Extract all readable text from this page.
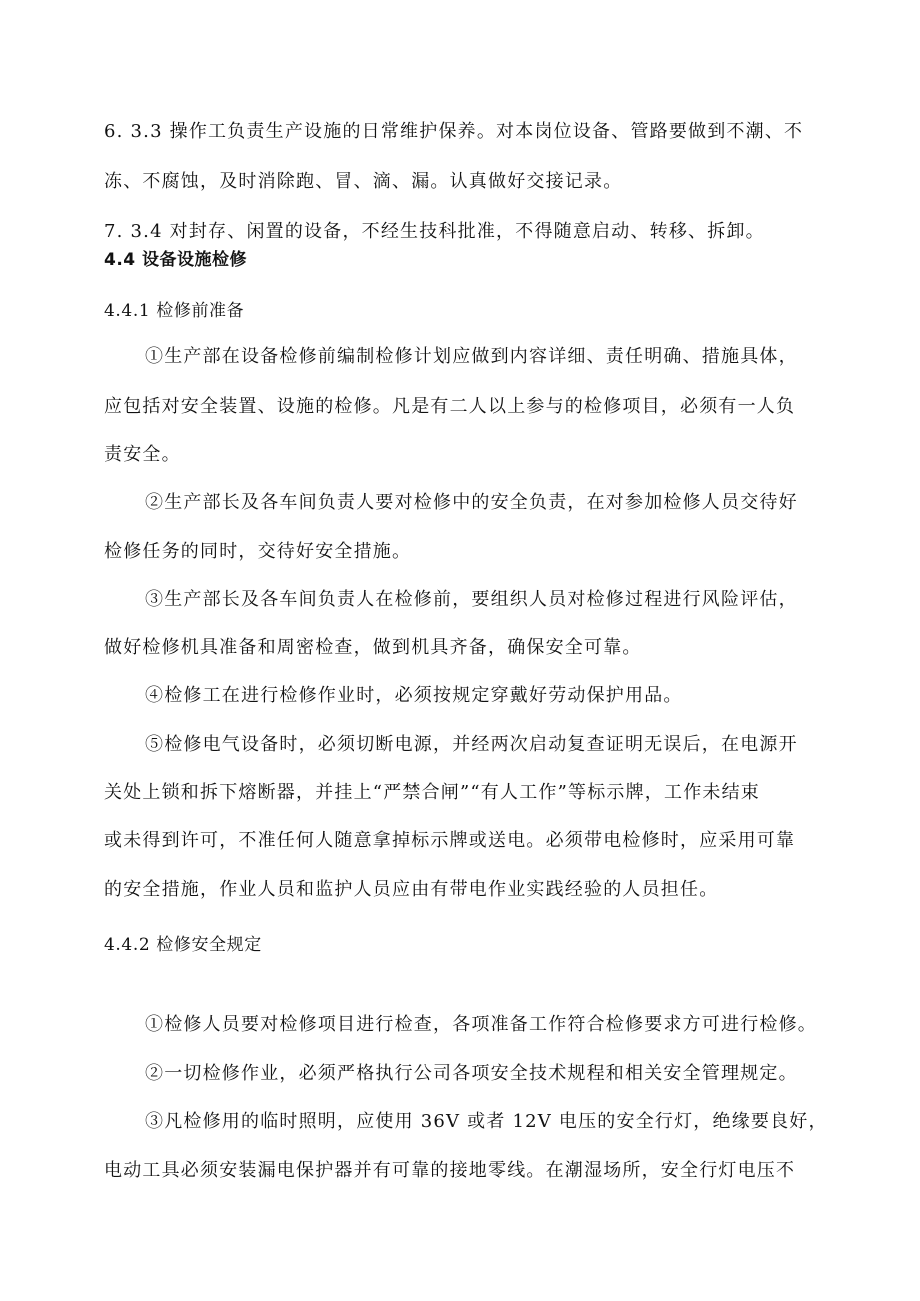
6. 3.3 操作工负责生产设施的日常维护保养。对本岗位设备、管路要做到不潮、不
冻、不腐蚀，及时消除跑、冒、滴、漏。认真做好交接记录。
7. 3.4 对封存、闲置的设备，不经生技科批准，不得随意启动、转移、拆卸。
4.4 设备设施检修
4.4.1 检修前准备
①生产部在设备检修前编制检修计划应做到内容详细、责任明确、措施具体，
应包括对安全装置、设施的检修。凡是有二人以上参与的检修项目，必须有一人负
责安全。
②生产部长及各车间负责人要对检修中的安全负责，在对参加检修人员交待好
检修任务的同时，交待好安全措施。
③生产部长及各车间负责人在检修前，要组织人员对检修过程进行风险评估，
做好检修机具准备和周密检查，做到机具齐备，确保安全可靠。
④检修工在进行检修作业时，必须按规定穿戴好劳动保护用品。
⑤检修电气设备时，必须切断电源，并经两次启动复查证明无误后，在电源开
关处上锁和拆下熔断器，并挂上“严禁合闸”“有人工作”等标示牌，工作未结束
或未得到许可，不准任何人随意拿掉标示牌或送电。必须带电检修时，应采用可靠
的安全措施，作业人员和监护人员应由有带电作业实践经验的人员担任。
4.4.2 检修安全规定
①检修人员要对检修项目进行检查，各项准备工作符合检修要求方可进行检修。
②一切检修作业，必须严格执行公司各项安全技术规程和相关安全管理规定。
③凡检修用的临时照明，应使用 36V 或者 12V 电压的安全行灯，绝缘要良好，
电动工具必须安装漏电保护器并有可靠的接地零线。在潮湿场所，安全行灯电压不
